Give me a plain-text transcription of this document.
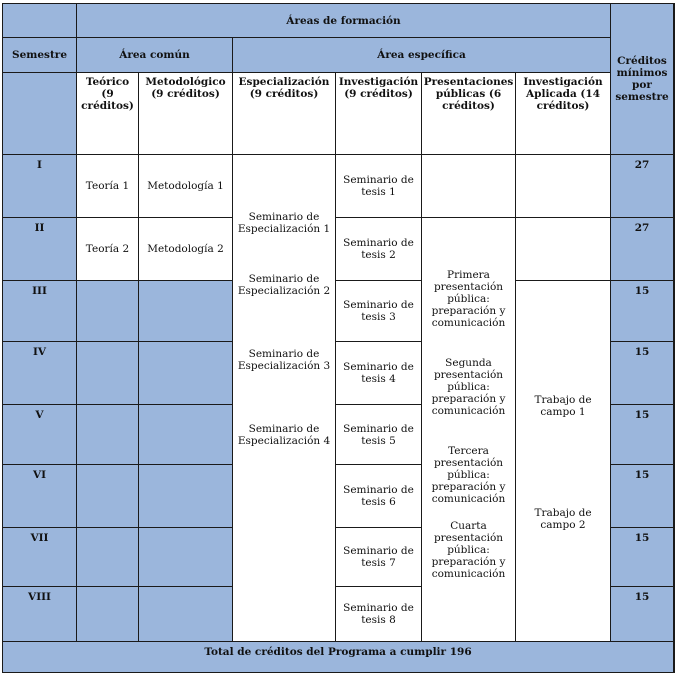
Áreas de formación
Créditos mínimos por semestre
Semestre	Área común	Área específica
Teórico (9 créditos)
Metodológico (9 créditos)
Especialización (9 créditos)
Investigación (9 créditos)
Presentaciones públicas (6 créditos)
Investigación Aplicada (14 créditos)
I
II
III
IV
V
VI
VII
VIII
Teoría 1
Teoría 2
Metodología 1
Metodología 2
Seminario de Especialización 1
Seminario de Especialización 2
Seminario de Especialización 3
Seminario de Especialización 4
Seminario de tesis 1
Seminario de tesis 2
Seminario de tesis 3
Seminario de tesis 4
Seminario de tesis 5
Seminario de tesis 6
Seminario de tesis 7
Seminario de tesis 8
Primera presentación pública: preparación y comunicación
Segunda presentación pública: preparación y comunicación
Tercera presentación pública: preparación y comunicación
Cuarta presentación pública: preparación y comunicación
Trabajo de campo 1
Trabajo de campo 2
27
27
15
15
15
15
15
15
Total de créditos del Programa a cumplir 196
